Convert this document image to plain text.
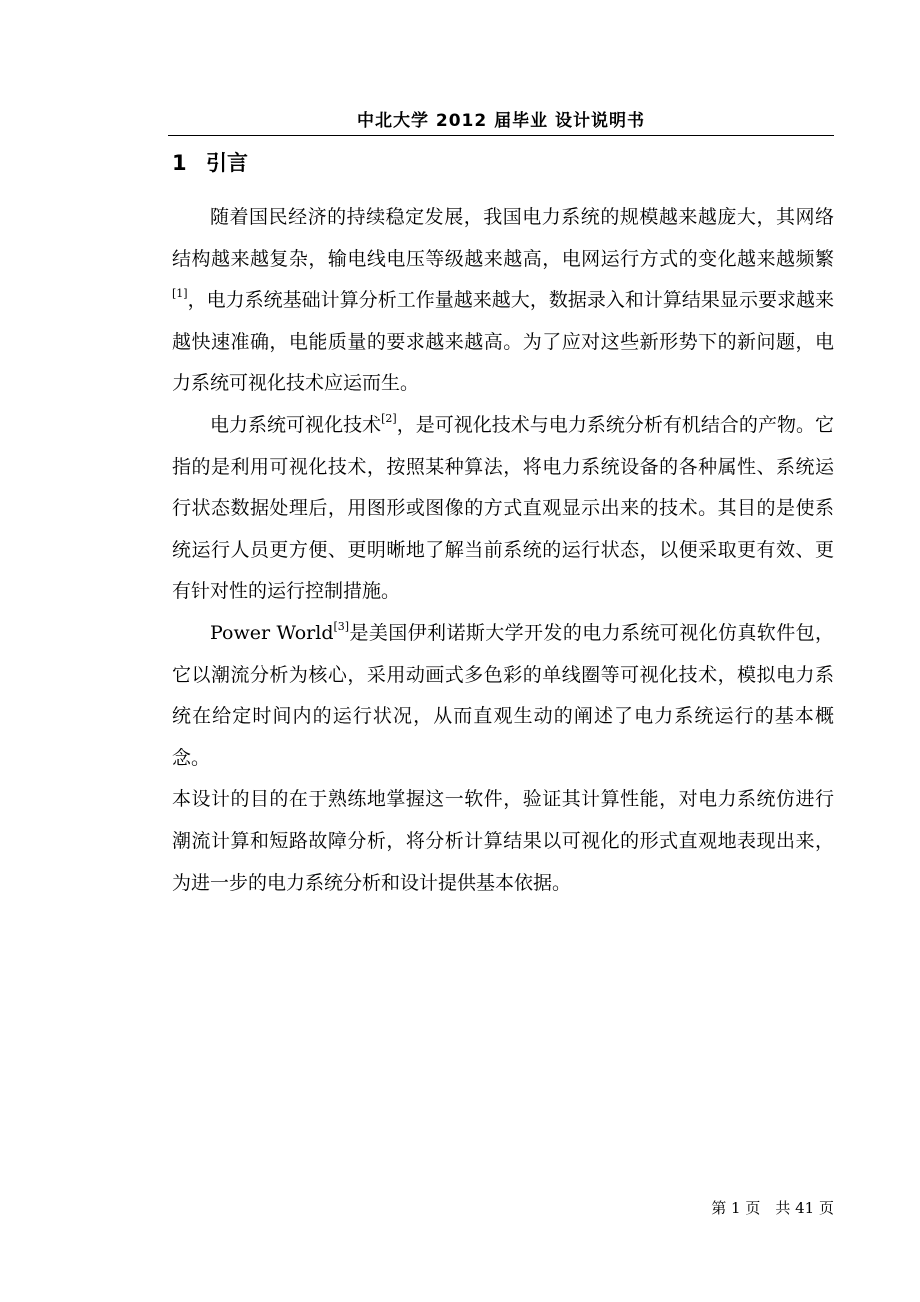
中北大学 2012 届毕业 设计说明书
1 引言

随着国民经济的持续稳定发展，我国电力系统的规模越来越庞大，其网络结构越来越复杂，输电线电压等级越来越高，电网运行方式的变化越来越频繁[1]，电力系统基础计算分析工作量越来越大，数据录入和计算结果显示要求越来越快速准确，电能质量的要求越来越高。为了应对这些新形势下的新问题，电力系统可视化技术应运而生。

电力系统可视化技术[2]，是可视化技术与电力系统分析有机结合的产物。它指的是利用可视化技术，按照某种算法，将电力系统设备的各种属性、系统运行状态数据处理后，用图形或图像的方式直观显示出来的技术。其目的是使系统运行人员更方便、更明晰地了解当前系统的运行状态，以便采取更有效、更有针对性的运行控制措施。

Power World[3]是美国伊利诺斯大学开发的电力系统可视化仿真软件包，它以潮流分析为核心，采用动画式多色彩的单线圈等可视化技术，模拟电力系统在给定时间内的运行状况，从而直观生动的阐述了电力系统运行的基本概念。

本设计的目的在于熟练地掌握这一软件，验证其计算性能，对电力系统仿进行潮流计算和短路故障分析，将分析计算结果以可视化的形式直观地表现出来，为进一步的电力系统分析和设计提供基本依据。

第 1 页　共 41 页
